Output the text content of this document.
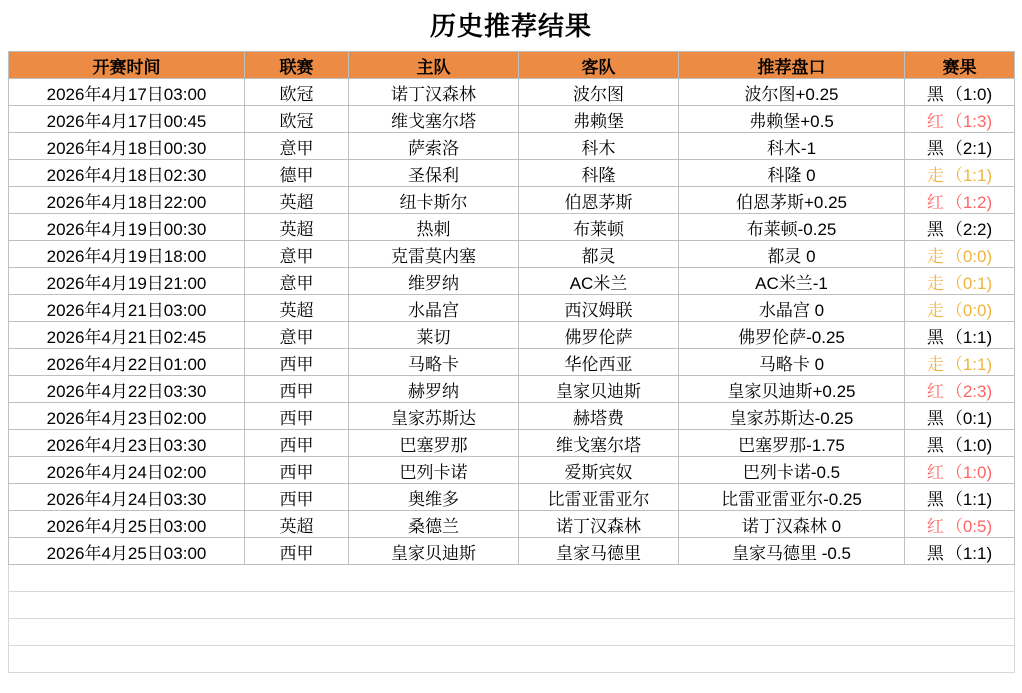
历史推荐结果
开赛时间	联赛	主队	客队	推荐盘口	赛果
2026年4月17日03:00	欧冠	诺丁汉森林	波尔图	波尔图+0.25	黑 （1:0)
2026年4月17日00:45	欧冠	维戈塞尔塔	弗赖堡	弗赖堡+0.5	红 （1:3)
2026年4月18日00:30	意甲	萨索洛	科木	科木-1	黑 （2:1)
2026年4月18日02:30	德甲	圣保利	科隆	科隆 0	走 （1:1)
2026年4月18日22:00	英超	纽卡斯尔	伯恩茅斯	伯恩茅斯+0.25	红 （1:2)
2026年4月19日00:30	英超	热刺	布莱顿	布莱顿-0.25	黑 （2:2)
2026年4月19日18:00	意甲	克雷莫内塞	都灵	都灵 0	走 （0:0)
2026年4月19日21:00	意甲	维罗纳	AC米兰	AC米兰-1	走 （0:1)
2026年4月21日03:00	英超	水晶宫	西汉姆联	水晶宫 0	走 （0:0)
2026年4月21日02:45	意甲	莱切	佛罗伦萨	佛罗伦萨-0.25	黑 （1:1)
2026年4月22日01:00	西甲	马略卡	华伦西亚	马略卡 0	走 （1:1)
2026年4月22日03:30	西甲	赫罗纳	皇家贝迪斯	皇家贝迪斯+0.25	红 （2:3)
2026年4月23日02:00	西甲	皇家苏斯达	赫塔费	皇家苏斯达-0.25	黑 （0:1)
2026年4月23日03:30	西甲	巴塞罗那	维戈塞尔塔	巴塞罗那-1.75	黑 （1:0)
2026年4月24日02:00	西甲	巴列卡诺	爱斯宾奴	巴列卡诺-0.5	红 （1:0)
2026年4月24日03:30	西甲	奥维多	比雷亚雷亚尔	比雷亚雷亚尔-0.25	黑 （1:1)
2026年4月25日03:00	英超	桑德兰	诺丁汉森林	诺丁汉森林 0	红 （0:5)
2026年4月25日03:00	西甲	皇家贝迪斯	皇家马德里	皇家马德里 -0.5	黑 （1:1)
